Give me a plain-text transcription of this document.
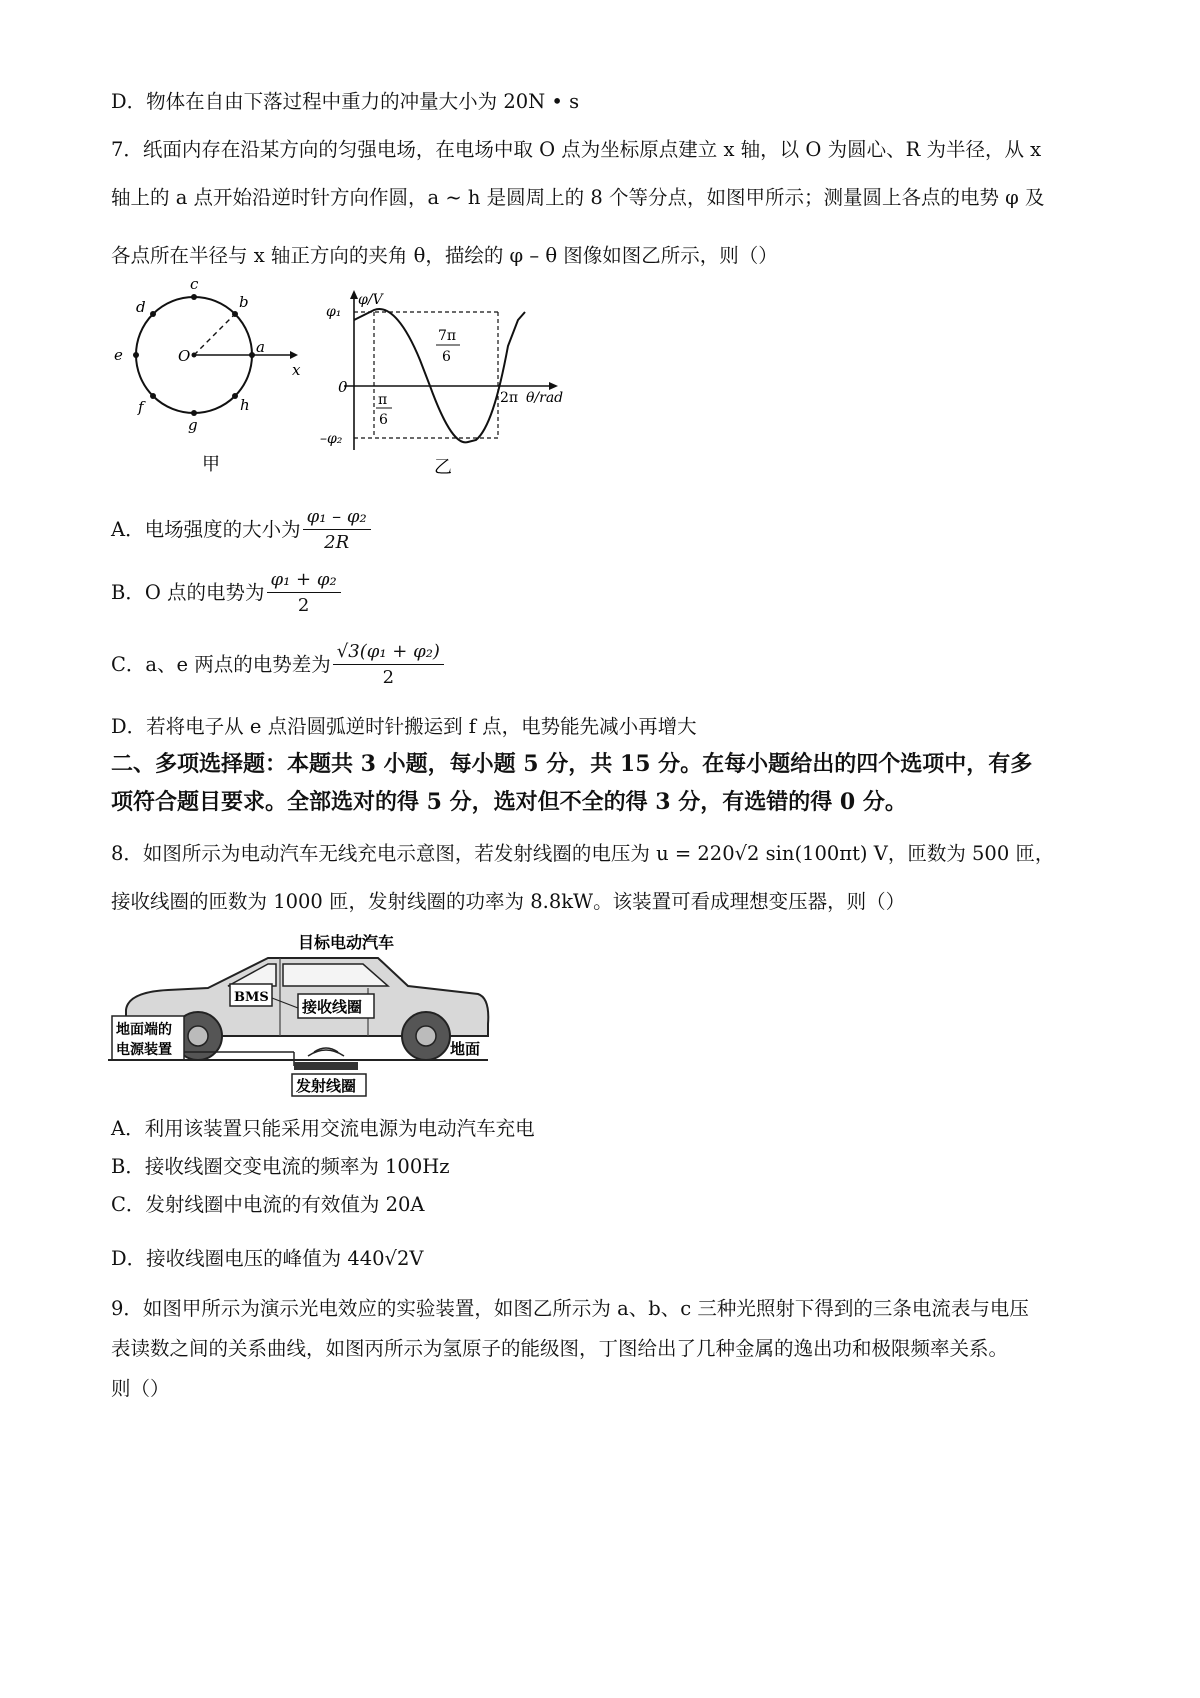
D．物体在自由下落过程中重力的冲量大小为 20N • s
7．纸面内存在沿某方向的匀强电场，在电场中取 O 点为坐标原点建立 x 轴，以 O 为圆心、R 为半径，从 x
轴上的 a 点开始沿逆时针方向作圆，a ~ h 是圆周上的 8 个等分点，如图甲所示；测量圆上各点的电势 φ 及
各点所在半径与 x 轴正方向的夹角 θ，描绘的 φ – θ 图像如图乙所示，则（）
a
b
c
d
e
f
g
h
O
x
甲
φ/V
φ₁
–φ₂
0
π
6
7π
6
2π θ/rad
乙
A．电场强度的大小为 $\frac{\text{φ₁ – φ₂}}{2R}$
B．O 点的电势为 $\frac{\text{φ₁ + φ₂}}{2}$
C．a、e 两点的电势差为 $\frac{\text{√3(φ₁ + φ₂)}}{2}$
D．若将电子从 e 点沿圆弧逆时针搬运到 f 点，电势能先减小再增大
二、多项选择题：本题共 3 小题，每小题 5 分，共 15 分。在每小题给出的四个选项中，有多
项符合题目要求。全部选对的得 5 分，选对但不全的得 3 分，有选错的得 0 分。
8．如图所示为电动汽车无线充电示意图，若发射线圈的电压为 u = 220√2 sin(100πt) V，匝数为 500 匝，
接收线圈的匝数为 1000 匝，发射线圈的功率为 8.8kW。该装置可看成理想变压器，则（）
目标电动汽车
BMS
接收线圈
地面端的
电源装置
发射线圈
地面
A．利用该装置只能采用交流电源为电动汽车充电
B．接收线圈交变电流的频率为 100Hz
C．发射线圈中电流的有效值为 20A
D．接收线圈电压的峰值为 440√2V
9．如图甲所示为演示光电效应的实验装置，如图乙所示为 a、b、c 三种光照射下得到的三条电流表与电压
表读数之间的关系曲线，如图丙所示为氢原子的能级图，丁图给出了几种金属的逸出功和极限频率关系。
则（）
